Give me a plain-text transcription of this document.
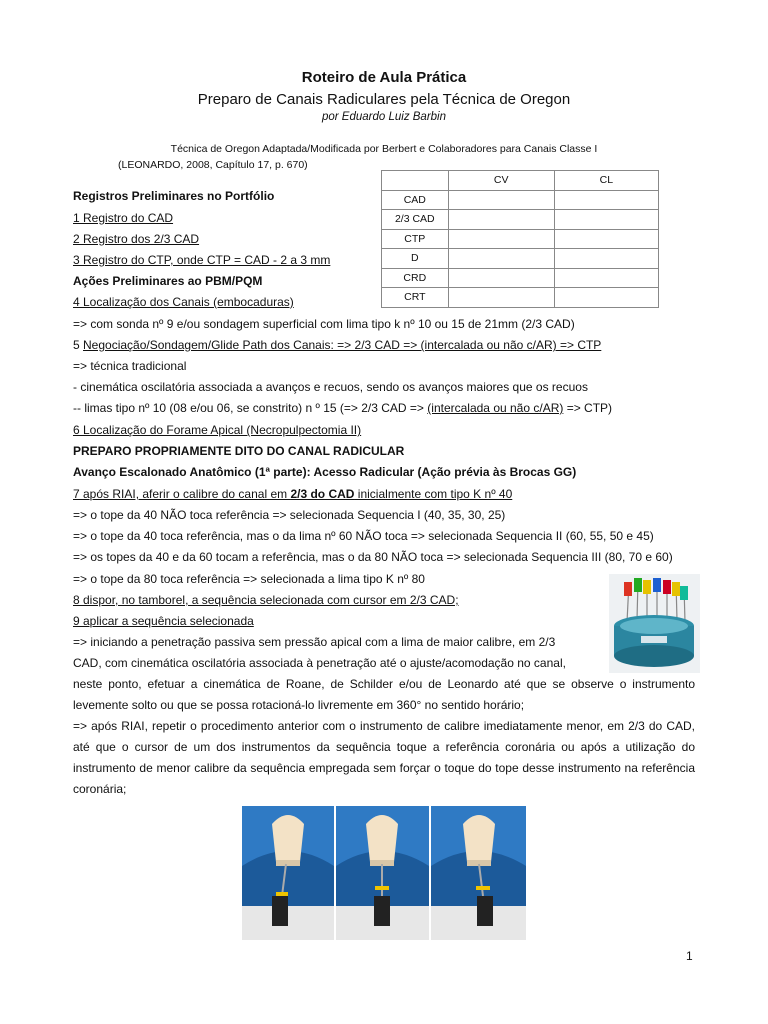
Roteiro de Aula Prática
Preparo de Canais Radiculares pela Técnica de Oregon
por Eduardo Luiz Barbin
Técnica de Oregon Adaptada/Modificada por Berbert e Colaboradores para Canais Classe I
(LEONARDO, 2008, Capítulo 17, p. 670)
	CV	CL
CAD		
2/3 CAD		
CTP		
D		
CRD		
CRT		
Registros Preliminares no Portfólio
1 Registro do CAD
2 Registro dos 2/3 CAD
3 Registro do CTP, onde CTP = CAD - 2 a 3 mm
Ações Preliminares ao PBM/PQM
4 Localização dos Canais (embocaduras)
=> com sonda nº 9 e/ou sondagem superficial com lima tipo k nº 10 ou 15 de 21mm (2/3 CAD)
5 Negociação/Sondagem/Glide Path dos Canais: => 2/3 CAD => (intercalada ou não c/AR) => CTP
=> técnica tradicional
- cinemática oscilatória associada a avanços e recuos, sendo os avanços maiores que os recuos
-- limas tipo nº 10 (08 e/ou 06, se constrito) n º 15 (=> 2/3 CAD => (intercalada ou não c/AR) => CTP)
6 Localização do Forame Apical (Necropulpectomia II)
PREPARO PROPRIAMENTE DITO DO CANAL RADICULAR
Avanço Escalonado Anatômico (1ª parte): Acesso Radicular (Ação prévia às Brocas GG)
7 após RIAI, aferir o calibre do canal em 2/3 do CAD inicialmente com tipo K nº 40
=> o tope da 40 NÃO toca referência => selecionada Sequencia I (40, 35, 30, 25)
=> o tope da 40 toca referência, mas o da lima nº 60 NÃO toca => selecionada Sequencia II (60, 55, 50 e 45)
=> os topes da 40 e da 60 tocam a referência, mas o da 80 NÃO toca => selecionada Sequencia III (80, 70 e 60)
=> o tope da 80 toca referência => selecionada a lima tipo K nº 80
8 dispor, no tamborel, a sequência selecionada com cursor em 2/3 CAD;
9 aplicar a sequência selecionada
=> iniciando a penetração passiva sem pressão apical com a lima de maior calibre, em 2/3
CAD, com cinemática oscilatória associada à penetração até o ajuste/acomodação no canal,
neste ponto, efetuar a cinemática de Roane, de Schilder e/ou de Leonardo até que se observe o instrumento levemente solto ou que se possa rotacioná-lo livremente em 360° no sentido horário;
=> após RIAI, repetir o procedimento anterior com o instrumento de calibre imediatamente menor, em 2/3 do CAD, até que o cursor de um dos instrumentos da sequência toque a referência coronária ou após a utilização do instrumento de menor calibre da sequência empregada sem forçar o toque do tope desse instrumento na referência coronária;
1
